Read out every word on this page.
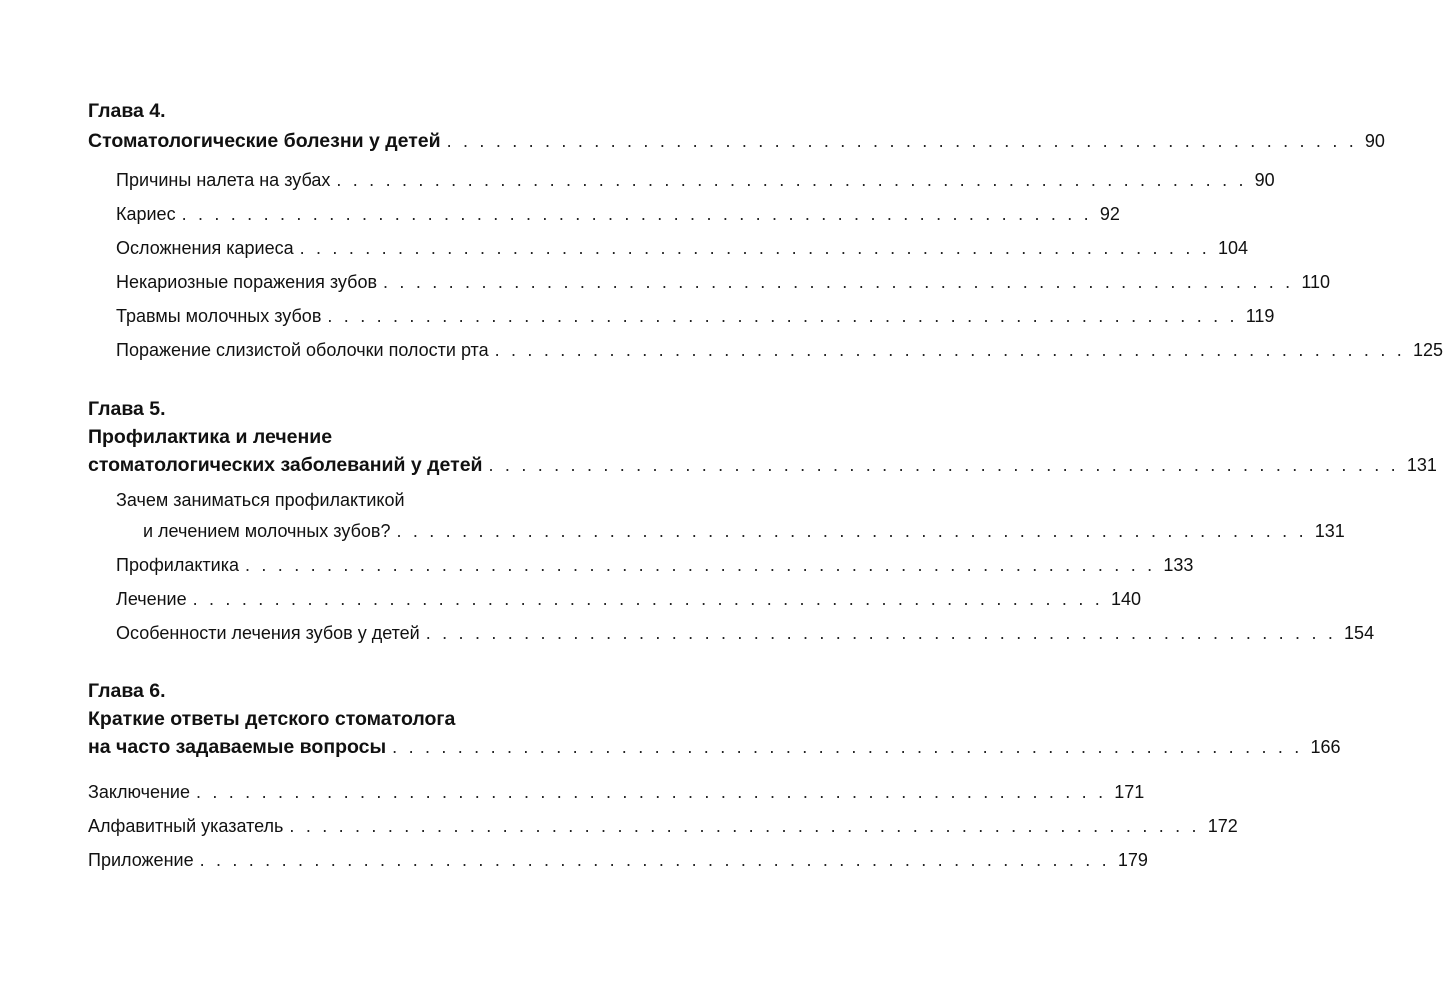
Глава 4.
Стоматологические болезни у детей . . . . . . . . . . . . . . . . . . . . . . . . . . . . . . . . . . . . . . . . . . . . . . . . . . . . . . . . 90
Причины налета на зубах . . . . . . . . . . . . . . . . . . . . . . . . . . . . . . . . . . . . . . . . . . . . . . . . . . . . . . . . 90
Кариес . . . . . . . . . . . . . . . . . . . . . . . . . . . . . . . . . . . . . . . . . . . . . . . . . . . . . . . . 92
Осложнения кариеса . . . . . . . . . . . . . . . . . . . . . . . . . . . . . . . . . . . . . . . . . . . . . . . . . . . . . . . . 104
Некариозные поражения зубов . . . . . . . . . . . . . . . . . . . . . . . . . . . . . . . . . . . . . . . . . . . . . . . . . . . . . . . . 110
Травмы молочных зубов . . . . . . . . . . . . . . . . . . . . . . . . . . . . . . . . . . . . . . . . . . . . . . . . . . . . . . . . 119
Поражение слизистой оболочки полости рта . . . . . . . . . . . . . . . . . . . . . . . . . . . . . . . . . . . . . . . . . . . . . . . . . . . . . . . . 125
Глава 5.
Профилактика и лечение
стоматологических заболеваний у детей . . . . . . . . . . . . . . . . . . . . . . . . . . . . . . . . . . . . . . . . . . . . . . . . . . . . . . . . 131
Зачем заниматься профилактикой
и лечением молочных зубов? . . . . . . . . . . . . . . . . . . . . . . . . . . . . . . . . . . . . . . . . . . . . . . . . . . . . . . . . 131
Профилактика . . . . . . . . . . . . . . . . . . . . . . . . . . . . . . . . . . . . . . . . . . . . . . . . . . . . . . . . 133
Лечение . . . . . . . . . . . . . . . . . . . . . . . . . . . . . . . . . . . . . . . . . . . . . . . . . . . . . . . . 140
Особенности лечения зубов у детей . . . . . . . . . . . . . . . . . . . . . . . . . . . . . . . . . . . . . . . . . . . . . . . . . . . . . . . . 154
Глава 6.
Краткие ответы детского стоматолога
на часто задаваемые вопросы . . . . . . . . . . . . . . . . . . . . . . . . . . . . . . . . . . . . . . . . . . . . . . . . . . . . . . . . 166
Заключение . . . . . . . . . . . . . . . . . . . . . . . . . . . . . . . . . . . . . . . . . . . . . . . . . . . . . . . . 171
Алфавитный указатель . . . . . . . . . . . . . . . . . . . . . . . . . . . . . . . . . . . . . . . . . . . . . . . . . . . . . . . . 172
Приложение . . . . . . . . . . . . . . . . . . . . . . . . . . . . . . . . . . . . . . . . . . . . . . . . . . . . . . . . 179
